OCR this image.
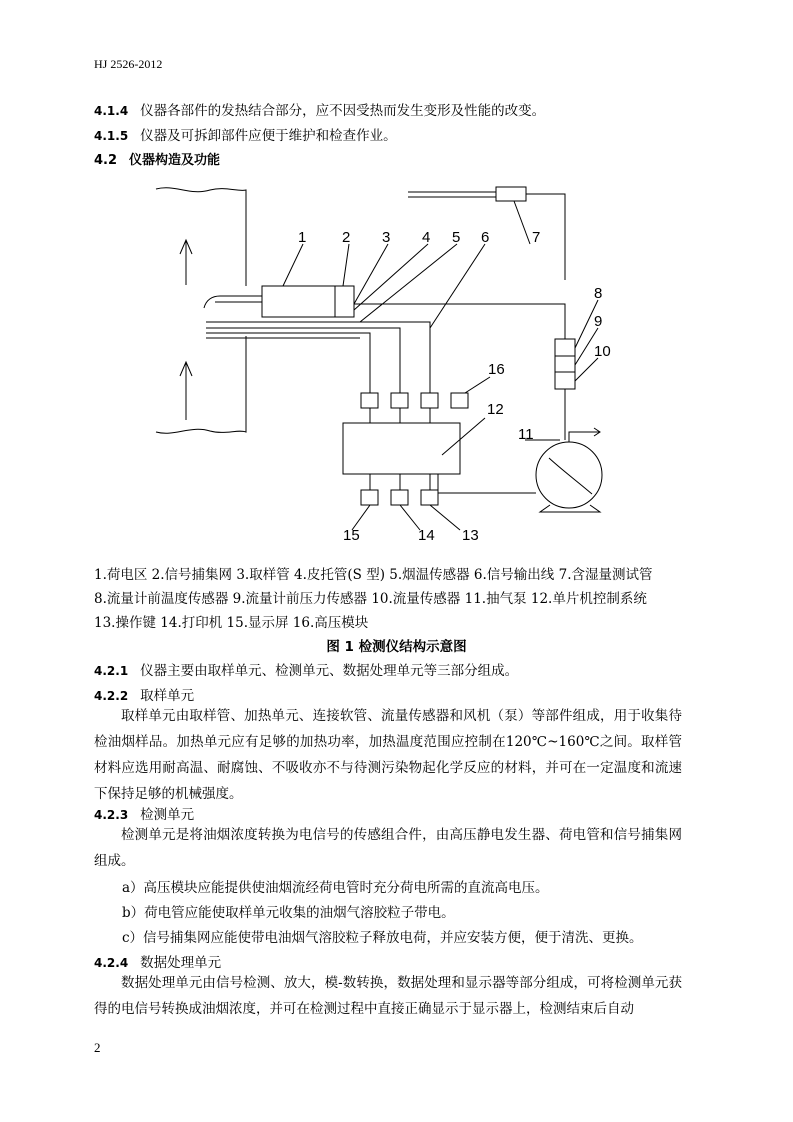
HJ 2526-2012
4.1.4 仪器各部件的发热结合部分，应不因受热而发生变形及性能的改变。
4.1.5 仪器及可拆卸部件应便于维护和检查作业。
4.2 仪器构造及功能
1 2 3 4 5 6	7
8
9
10
11
12
13
14
15
16
1.荷电区 2.信号捕集网 3.取样管 4.皮托管(S 型) 5.烟温传感器 6.信号输出线 7.含湿量测试管
8.流量计前温度传感器 9.流量计前压力传感器 10.流量传感器 11.抽气泵 12.单片机控制系统
13.操作键 14.打印机 15.显示屏 16.高压模块
图 1 检测仪结构示意图
4.2.1 仪器主要由取样单元、检测单元、数据处理单元等三部分组成。
4.2.2 取样单元
取样单元由取样管、加热单元、连接软管、流量传感器和风机（泵）等部件组成，用于收集待检油烟样品。加热单元应有足够的加热功率，加热温度范围应控制在120℃~160℃之间。取样管材料应选用耐高温、耐腐蚀、不吸收亦不与待测污染物起化学反应的材料，并可在一定温度和流速下保持足够的机械强度。
4.2.3 检测单元
检测单元是将油烟浓度转换为电信号的传感组合件，由高压静电发生器、荷电管和信号捕集网组成。
a）高压模块应能提供使油烟流经荷电管时充分荷电所需的直流高电压。
b）荷电管应能使取样单元收集的油烟气溶胶粒子带电。
c）信号捕集网应能使带电油烟气溶胶粒子释放电荷，并应安装方便，便于清洗、更换。
4.2.4 数据处理单元
数据处理单元由信号检测、放大，模-数转换，数据处理和显示器等部分组成，可将检测单元获得的电信号转换成油烟浓度，并可在检测过程中直接正确显示于显示器上，检测结束后自动
2
